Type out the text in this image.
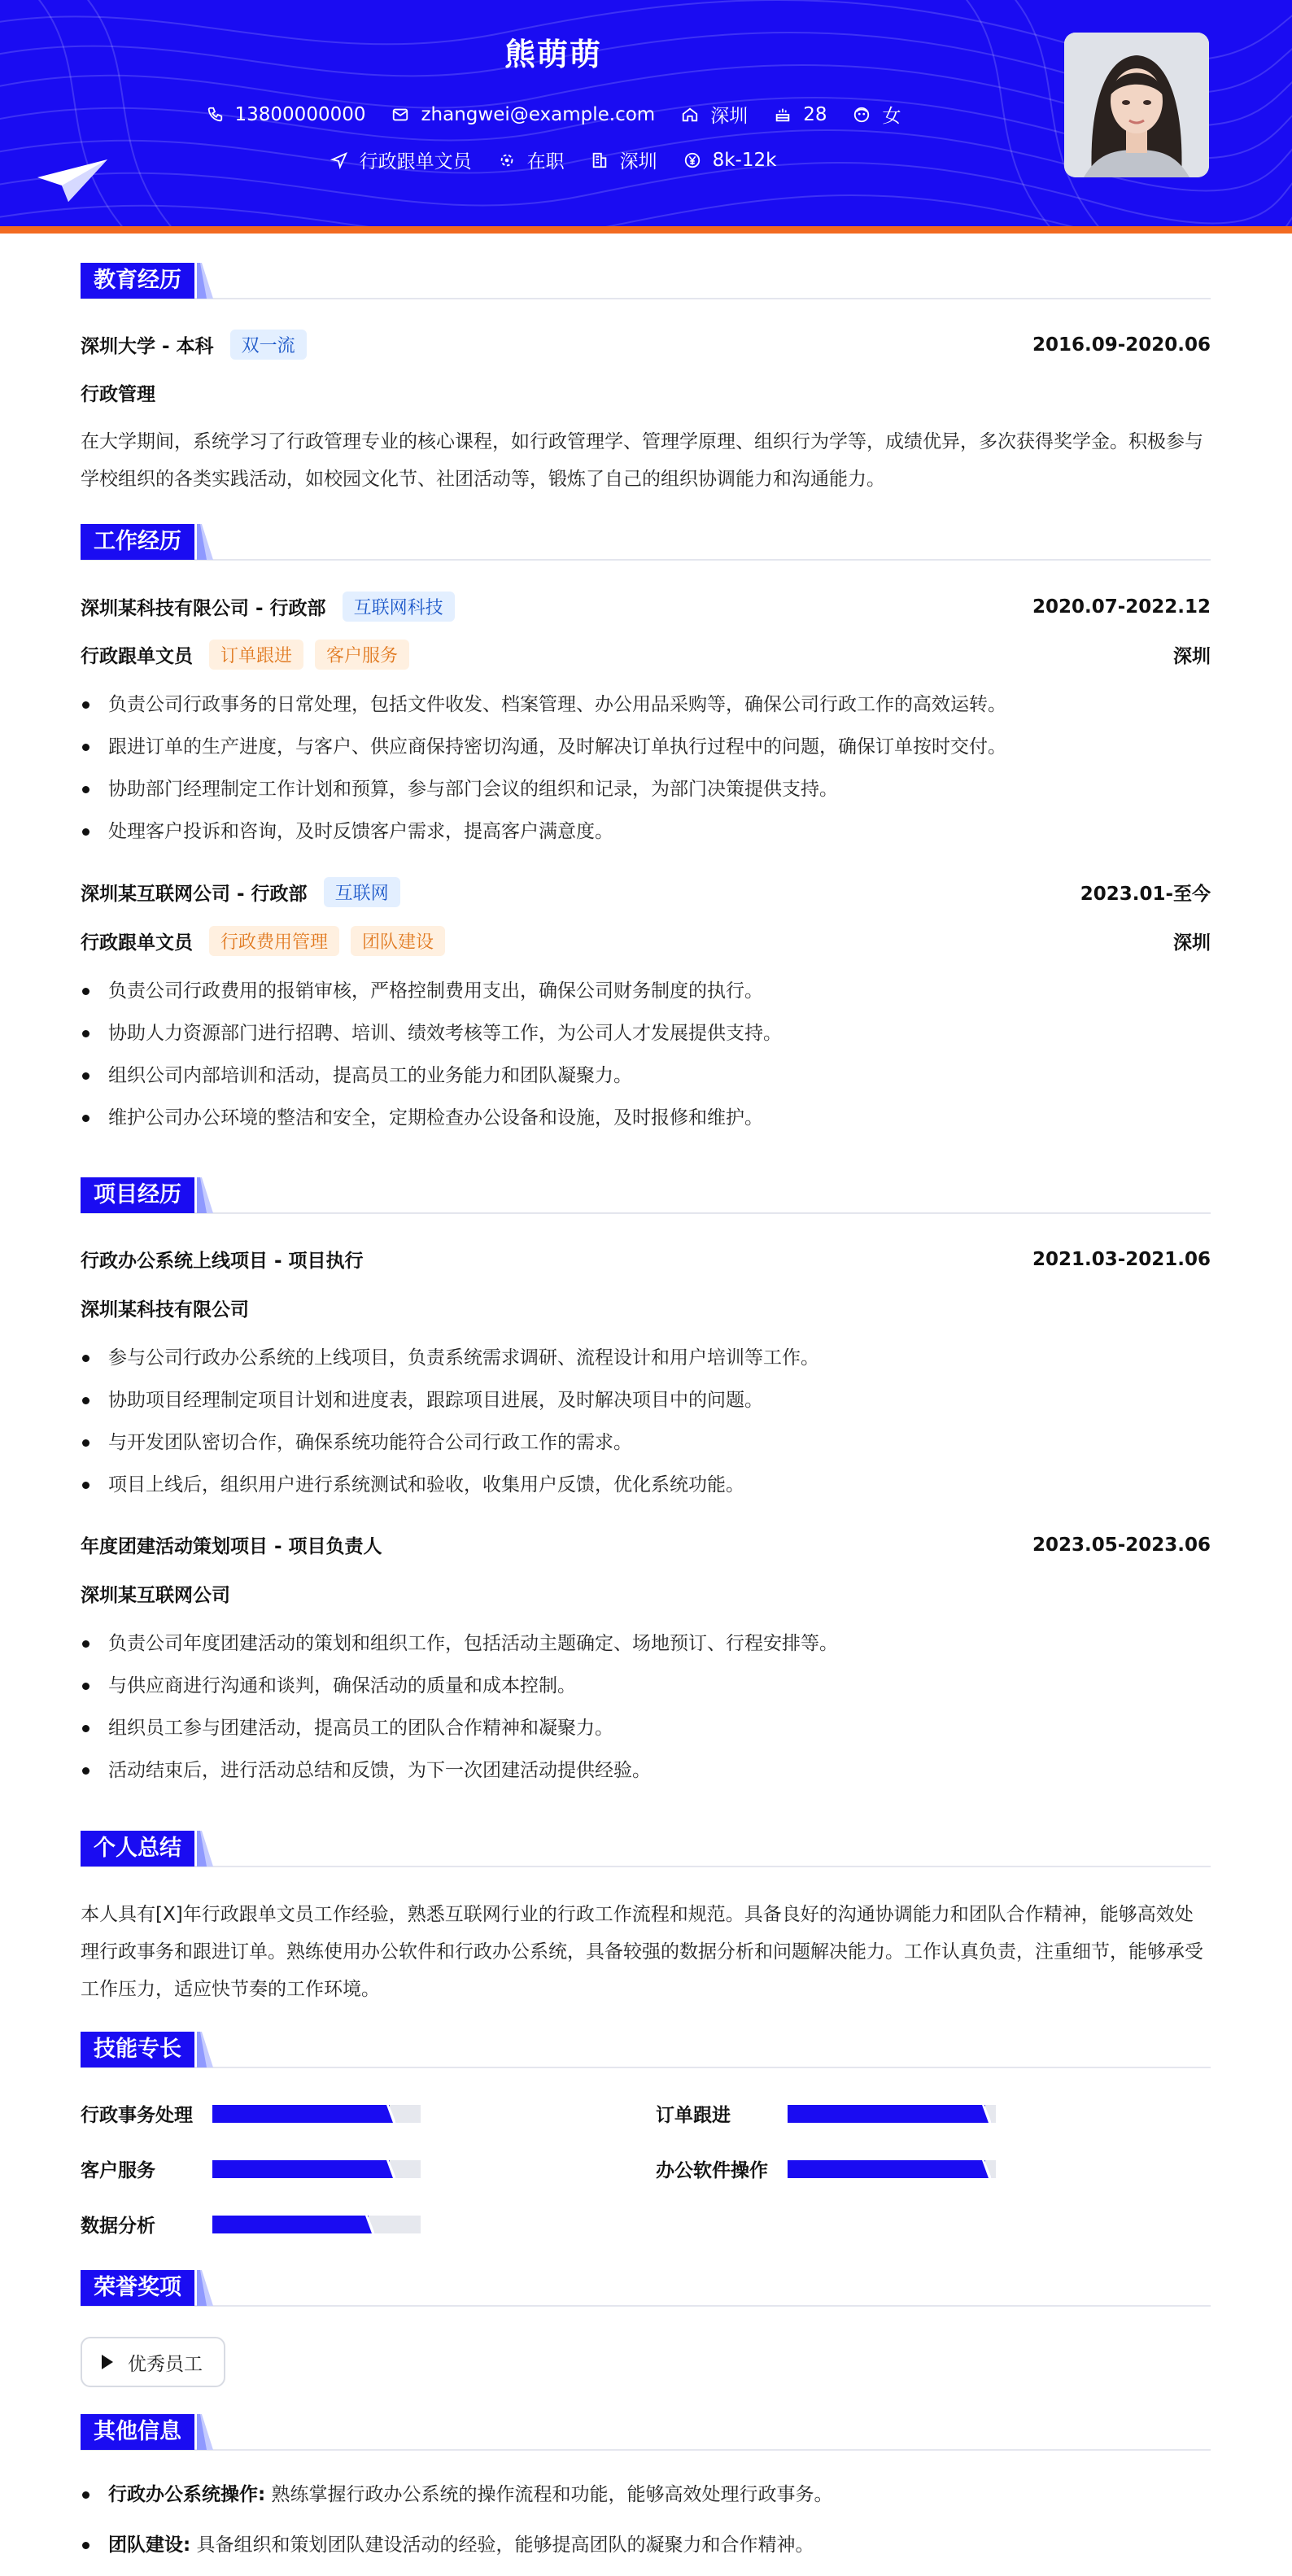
熊萌萌
13800000000	zhangwei@example.com	深圳	28	女
行政跟单文员	在职	深圳	8k-12k
教育经历
深圳大学 - 本科	双一流	2016.09-2020.06
行政管理
在大学期间，系统学习了行政管理专业的核心课程，如行政管理学、管理学原理、组织行为学等，成绩优异，多次获得奖学金。积极参与学校组织的各类实践活动，如校园文化节、社团活动等，锻炼了自己的组织协调能力和沟通能力。
工作经历
深圳某科技有限公司 - 行政部	互联网科技	2020.07-2022.12
行政跟单文员	订单跟进	客户服务	深圳
负责公司行政事务的日常处理，包括文件收发、档案管理、办公用品采购等，确保公司行政工作的高效运转。
跟进订单的生产进度，与客户、供应商保持密切沟通，及时解决订单执行过程中的问题，确保订单按时交付。
协助部门经理制定工作计划和预算，参与部门会议的组织和记录，为部门决策提供支持。
处理客户投诉和咨询，及时反馈客户需求，提高客户满意度。
深圳某互联网公司 - 行政部	互联网	2023.01-至今
行政跟单文员	行政费用管理	团队建设	深圳
负责公司行政费用的报销审核，严格控制费用支出，确保公司财务制度的执行。
协助人力资源部门进行招聘、培训、绩效考核等工作，为公司人才发展提供支持。
组织公司内部培训和活动，提高员工的业务能力和团队凝聚力。
维护公司办公环境的整洁和安全，定期检查办公设备和设施，及时报修和维护。
项目经历
行政办公系统上线项目 - 项目执行	2021.03-2021.06
深圳某科技有限公司
参与公司行政办公系统的上线项目，负责系统需求调研、流程设计和用户培训等工作。
协助项目经理制定项目计划和进度表，跟踪项目进展，及时解决项目中的问题。
与开发团队密切合作，确保系统功能符合公司行政工作的需求。
项目上线后，组织用户进行系统测试和验收，收集用户反馈，优化系统功能。
年度团建活动策划项目 - 项目负责人	2023.05-2023.06
深圳某互联网公司
负责公司年度团建活动的策划和组织工作，包括活动主题确定、场地预订、行程安排等。
与供应商进行沟通和谈判，确保活动的质量和成本控制。
组织员工参与团建活动，提高员工的团队合作精神和凝聚力。
活动结束后，进行活动总结和反馈，为下一次团建活动提供经验。
个人总结
本人具有[X]年行政跟单文员工作经验，熟悉互联网行业的行政工作流程和规范。具备良好的沟通协调能力和团队合作精神，能够高效处理行政事务和跟进订单。熟练使用办公软件和行政办公系统，具备较强的数据分析和问题解决能力。工作认真负责，注重细节，能够承受工作压力，适应快节奏的工作环境。
技能专长
行政事务处理	订单跟进
客户服务	办公软件操作
数据分析
荣誉奖项
优秀员工
其他信息
行政办公系统操作: 熟练掌握行政办公系统的操作流程和功能，能够高效处理行政事务。
团队建设: 具备组织和策划团队建设活动的经验，能够提高团队的凝聚力和合作精神。
